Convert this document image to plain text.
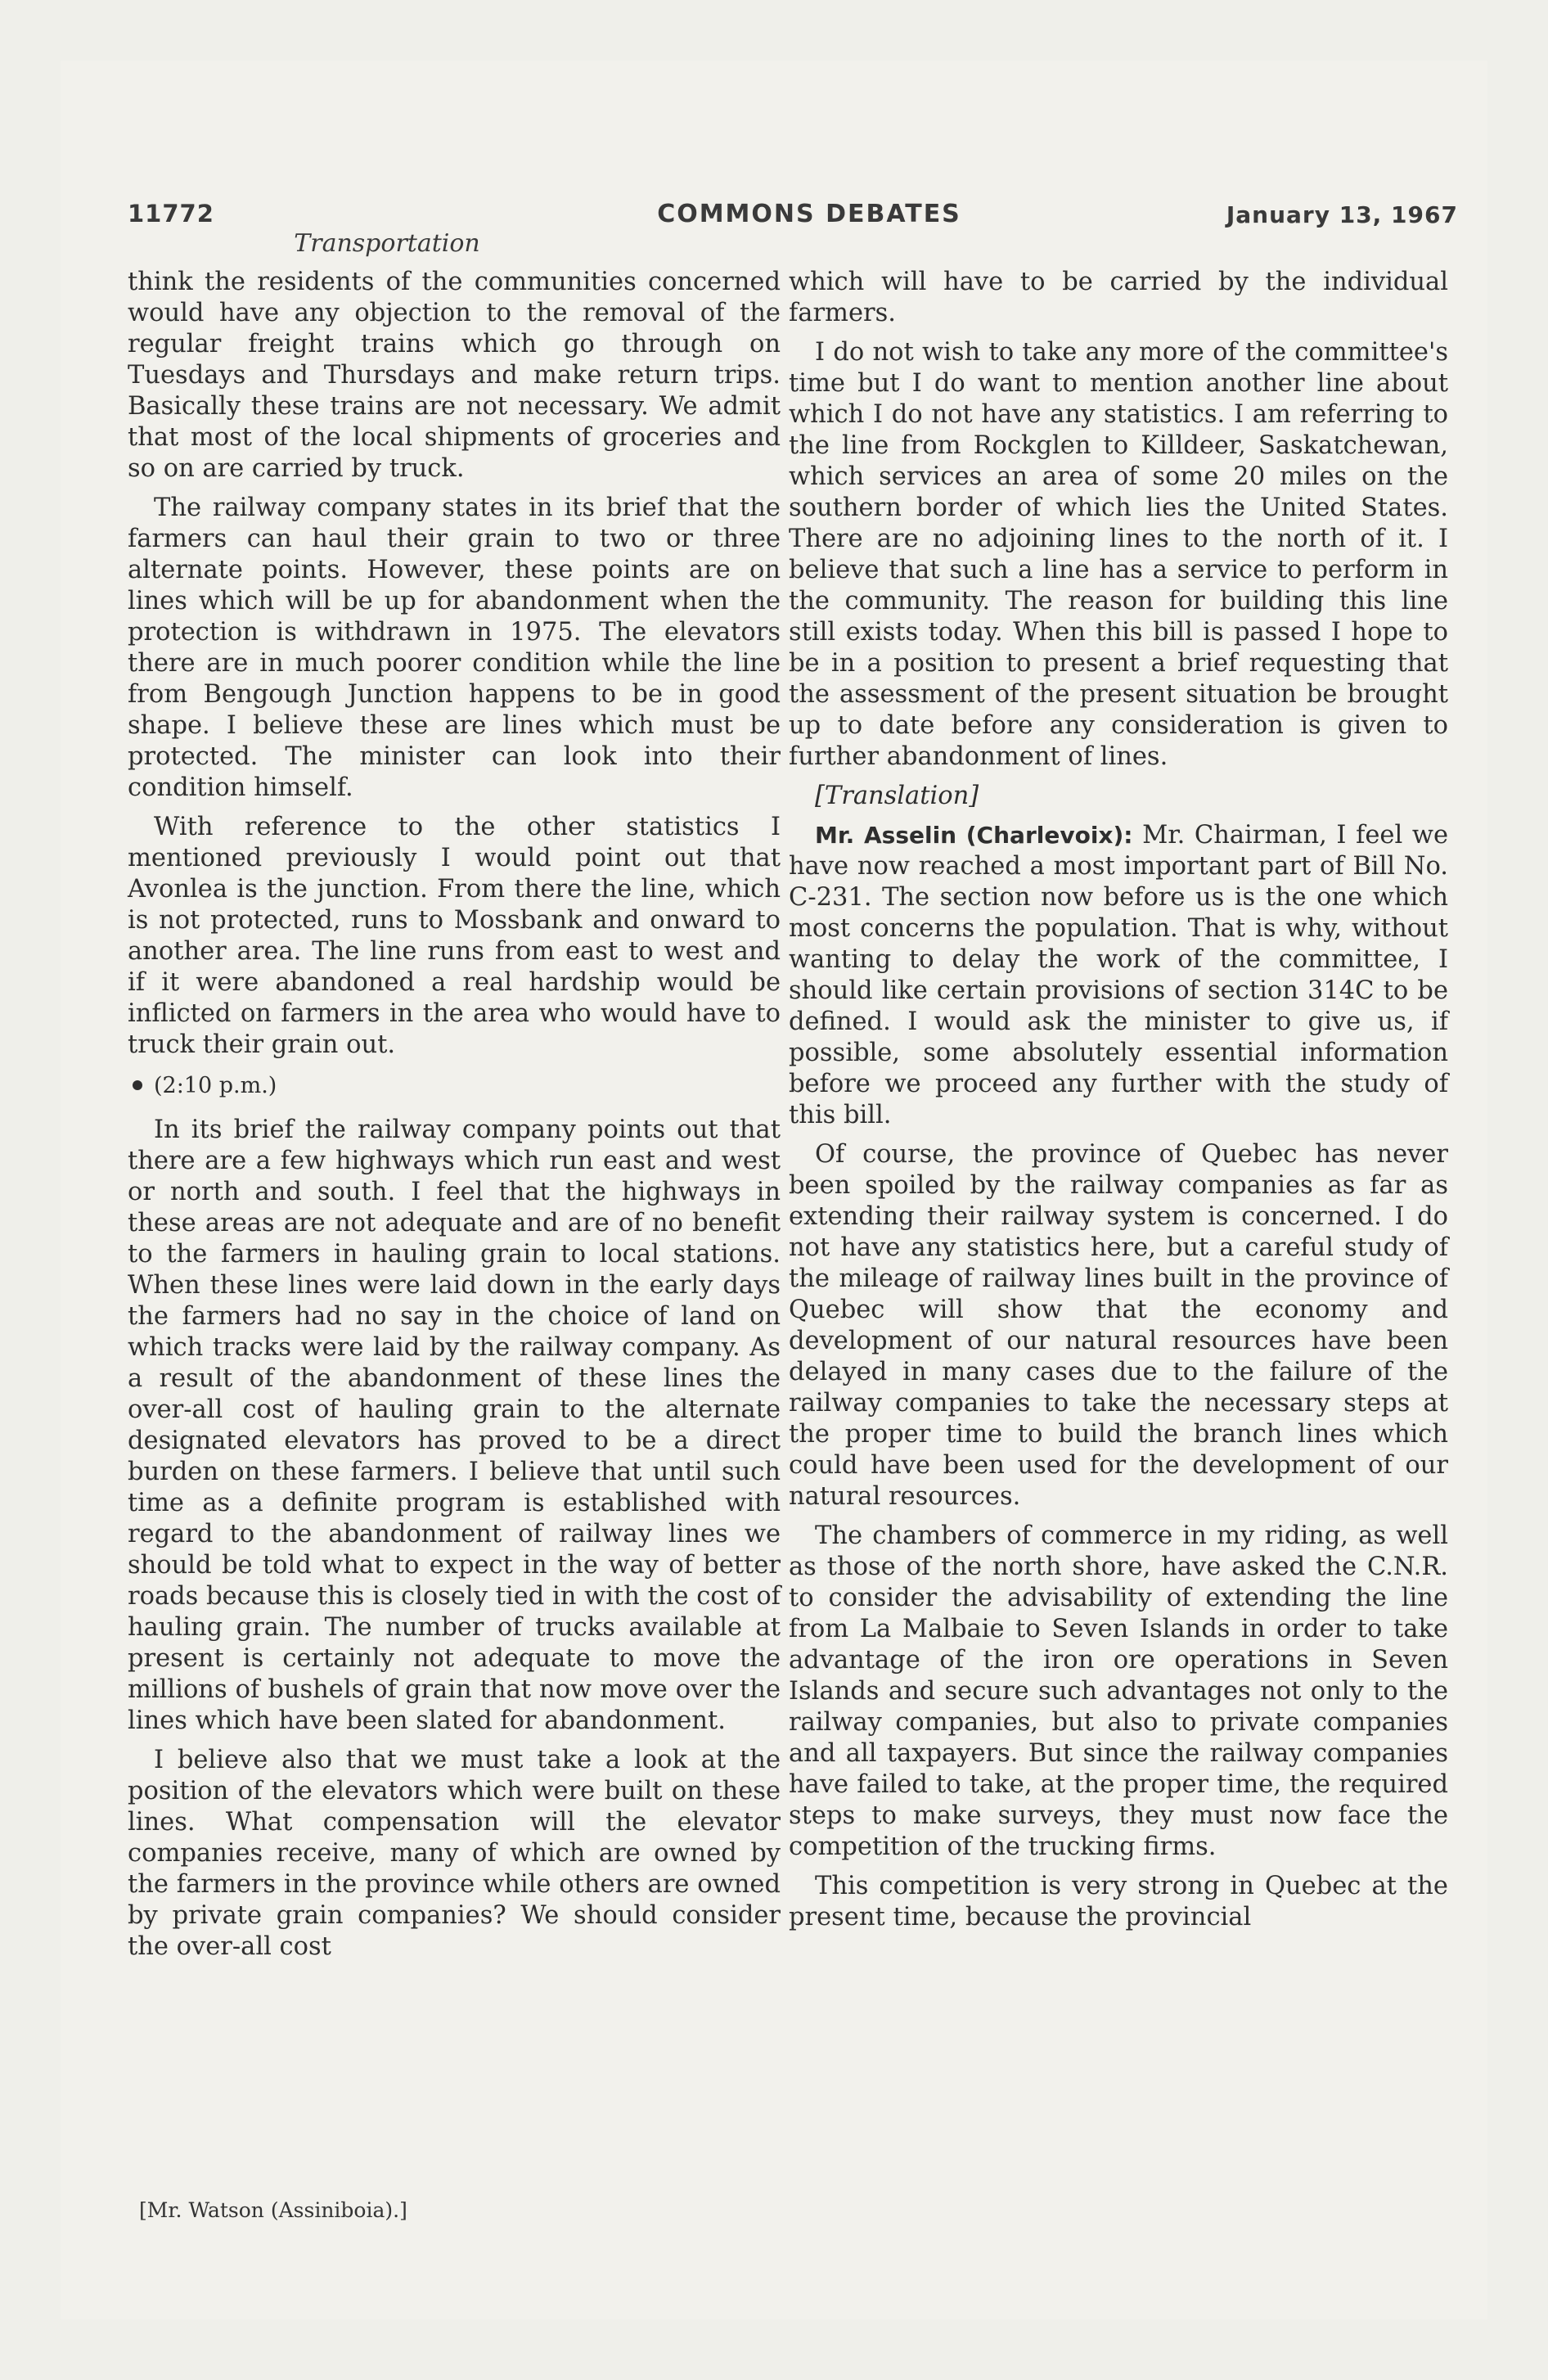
11772	COMMONS DEBATES	January 13, 1967
Transportation

think the residents of the communities concerned would have any objection to the removal of the regular freight trains which go through on Tuesdays and Thursdays and make return trips. Basically these trains are not necessary. We admit that most of the local shipments of groceries and so on are carried by truck.

The railway company states in its brief that the farmers can haul their grain to two or three alternate points. However, these points are on lines which will be up for abandonment when the protection is withdrawn in 1975. The elevators there are in much poorer condition while the line from Bengough Junction happens to be in good shape. I believe these are lines which must be protected. The minister can look into their condition himself.

With reference to the other statistics I mentioned previously I would point out that Avonlea is the junction. From there the line, which is not protected, runs to Mossbank and onward to another area. The line runs from east to west and if it were abandoned a real hardship would be inflicted on farmers in the area who would have to truck their grain out.

(2:10 p.m.)

In its brief the railway company points out that there are a few highways which run east and west or north and south. I feel that the highways in these areas are not adequate and are of no benefit to the farmers in hauling grain to local stations. When these lines were laid down in the early days the farmers had no say in the choice of land on which tracks were laid by the railway company. As a result of the abandonment of these lines the over-all cost of hauling grain to the alternate designated elevators has proved to be a direct burden on these farmers. I believe that until such time as a definite program is established with regard to the abandonment of railway lines we should be told what to expect in the way of better roads because this is closely tied in with the cost of hauling grain. The number of trucks available at present is certainly not adequate to move the millions of bushels of grain that now move over the lines which have been slated for abandonment.

I believe also that we must take a look at the position of the elevators which were built on these lines. What compensation will the elevator companies receive, many of which are owned by the farmers in the province while others are owned by private grain companies? We should consider the over-all cost

which will have to be carried by the individual farmers.

I do not wish to take any more of the committee's time but I do want to mention another line about which I do not have any statistics. I am referring to the line from Rockglen to Killdeer, Saskatchewan, which services an area of some 20 miles on the southern border of which lies the United States. There are no adjoining lines to the north of it. I believe that such a line has a service to perform in the community. The reason for building this line still exists today. When this bill is passed I hope to be in a position to present a brief requesting that the assessment of the present situation be brought up to date before any consideration is given to further abandonment of lines.

[Translation]

Mr. Asselin (Charlevoix): Mr. Chairman, I feel we have now reached a most important part of Bill No. C-231. The section now before us is the one which most concerns the population. That is why, without wanting to delay the work of the committee, I should like certain provisions of section 314C to be defined. I would ask the minister to give us, if possible, some absolutely essential information before we proceed any further with the study of this bill.

Of course, the province of Quebec has never been spoiled by the railway companies as far as extending their railway system is concerned. I do not have any statistics here, but a careful study of the mileage of railway lines built in the province of Quebec will show that the economy and development of our natural resources have been delayed in many cases due to the failure of the railway companies to take the necessary steps at the proper time to build the branch lines which could have been used for the development of our natural resources.

The chambers of commerce in my riding, as well as those of the north shore, have asked the C.N.R. to consider the advisability of extending the line from La Malbaie to Seven Islands in order to take advantage of the iron ore operations in Seven Islands and secure such advantages not only to the railway companies, but also to private companies and all taxpayers. But since the railway companies have failed to take, at the proper time, the required steps to make surveys, they must now face the competition of the trucking firms.

This competition is very strong in Quebec at the present time, because the provincial

[Mr. Watson (Assiniboia).]
